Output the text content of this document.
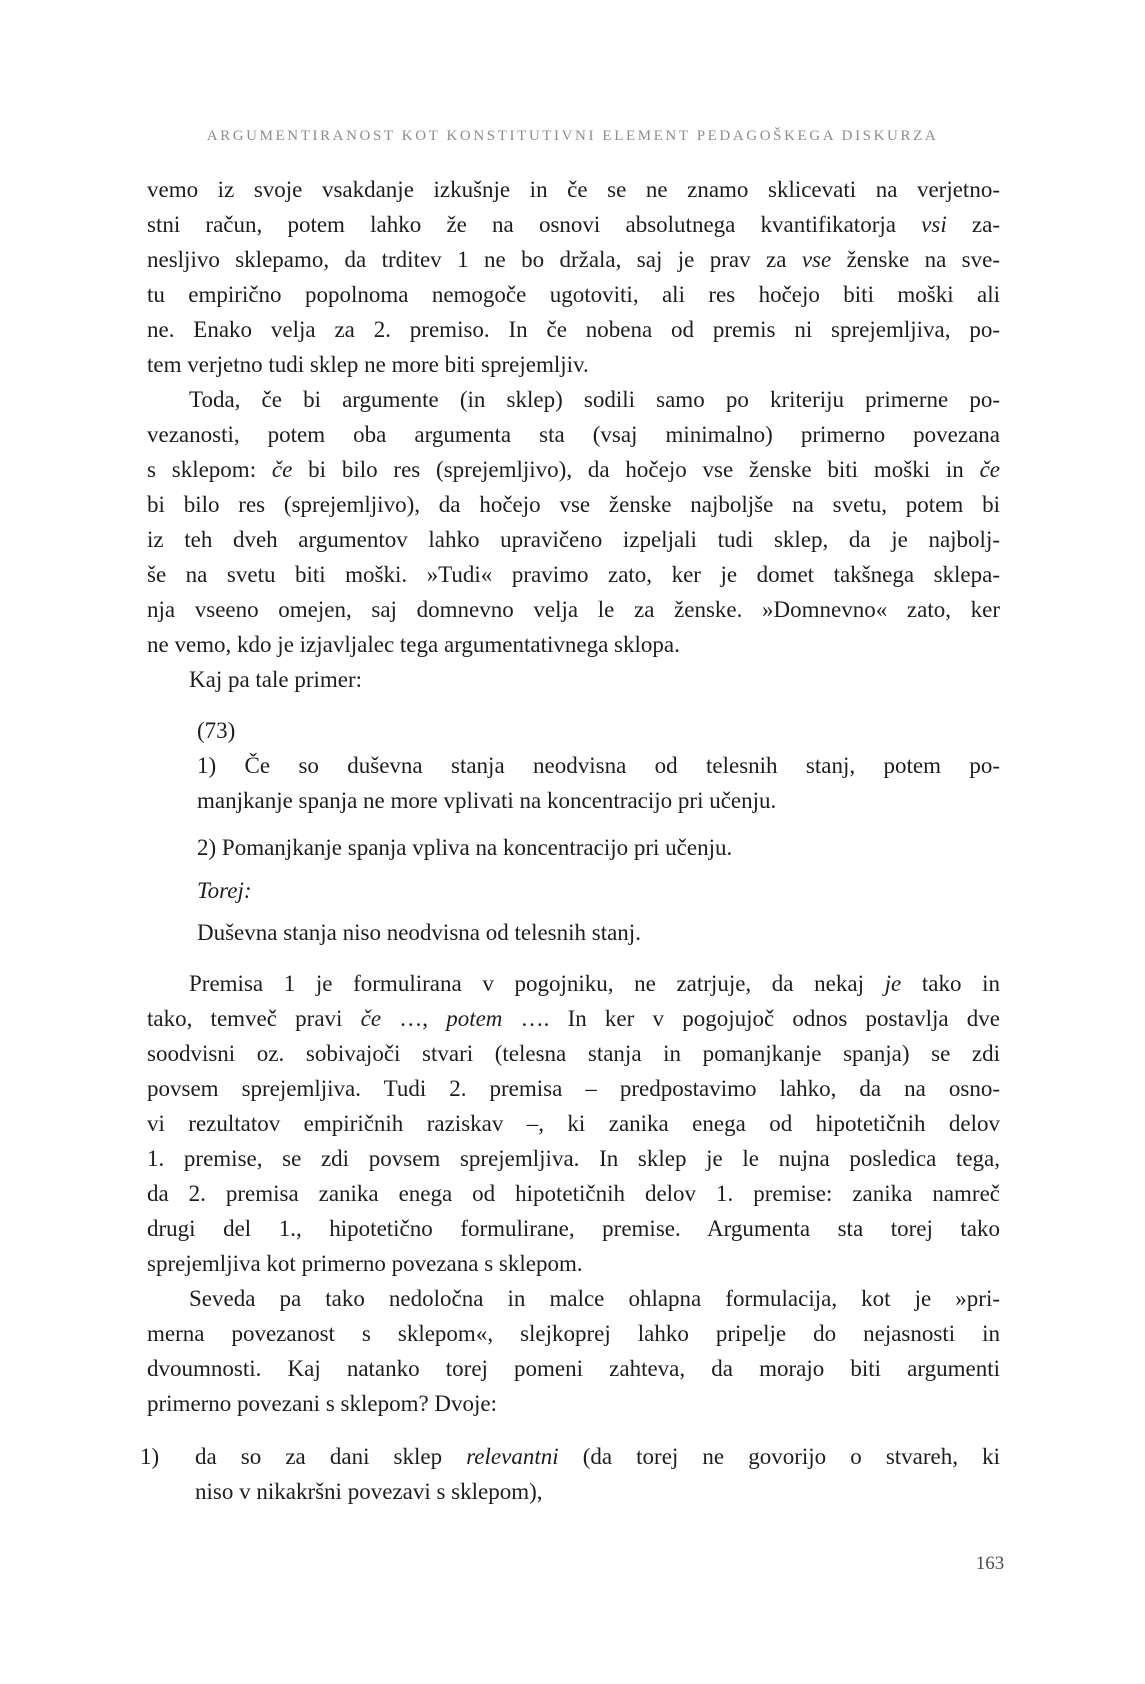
ARGUMENTIRANOST KOT KONSTITUTIVNI ELEMENT PEDAGOŠKEGA DISKURZA
vemo iz svoje vsakdanje izkušnje in če se ne znamo sklicevati na verjetno-
stni račun, potem lahko že na osnovi absolutnega kvantifikatorja vsi za-
nesljivo sklepamo, da trditev 1 ne bo držala, saj je prav za vse ženske na sve-
tu empirično popolnoma nemogoče ugotoviti, ali res hočejo biti moški ali
ne. Enako velja za 2. premiso. In če nobena od premis ni sprejemljiva, po-
tem verjetno tudi sklep ne more biti sprejemljiv.
Toda, če bi argumente (in sklep) sodili samo po kriteriju primerne po-
vezanosti, potem oba argumenta sta (vsaj minimalno) primerno povezana
s sklepom: če bi bilo res (sprejemljivo), da hočejo vse ženske biti moški in če
bi bilo res (sprejemljivo), da hočejo vse ženske najboljše na svetu, potem bi
iz teh dveh argumentov lahko upravičeno izpeljali tudi sklep, da je najbolj-
še na svetu biti moški. »Tudi« pravimo zato, ker je domet takšnega sklepa-
nja vseeno omejen, saj domnevno velja le za ženske. »Domnevno« zato, ker
ne vemo, kdo je izjavljalec tega argumentativnega sklopa.
Kaj pa tale primer:
(73)
1) Če so duševna stanja neodvisna od telesnih stanj, potem po-
manjkanje spanja ne more vplivati na koncentracijo pri učenju.
2) Pomanjkanje spanja vpliva na koncentracijo pri učenju.
Torej:
Duševna stanja niso neodvisna od telesnih stanj.
Premisa 1 je formulirana v pogojniku, ne zatrjuje, da nekaj je tako in
tako, temveč pravi če …, potem …. In ker v pogojujoč odnos postavlja dve
soodvisni oz. sobivajoči stvari (telesna stanja in pomanjkanje spanja) se zdi
povsem sprejemljiva. Tudi 2. premisa – predpostavimo lahko, da na osno-
vi rezultatov empiričnih raziskav –, ki zanika enega od hipotetičnih delov
1. premise, se zdi povsem sprejemljiva. In sklep je le nujna posledica tega,
da 2. premisa zanika enega od hipotetičnih delov 1. premise: zanika namreč
drugi del 1., hipotetično formulirane, premise. Argumenta sta torej tako
sprejemljiva kot primerno povezana s sklepom.
Seveda pa tako nedoločna in malce ohlapna formulacija, kot je »pri-
merna povezanost s sklepom«, slejkoprej lahko pripelje do nejasnosti in
dvoumnosti. Kaj natanko torej pomeni zahteva, da morajo biti argumenti
primerno povezani s sklepom? Dvoje:
1) da so za dani sklep relevantni (da torej ne govorijo o stvareh, ki
niso v nikakršni povezavi s sklepom),
163
